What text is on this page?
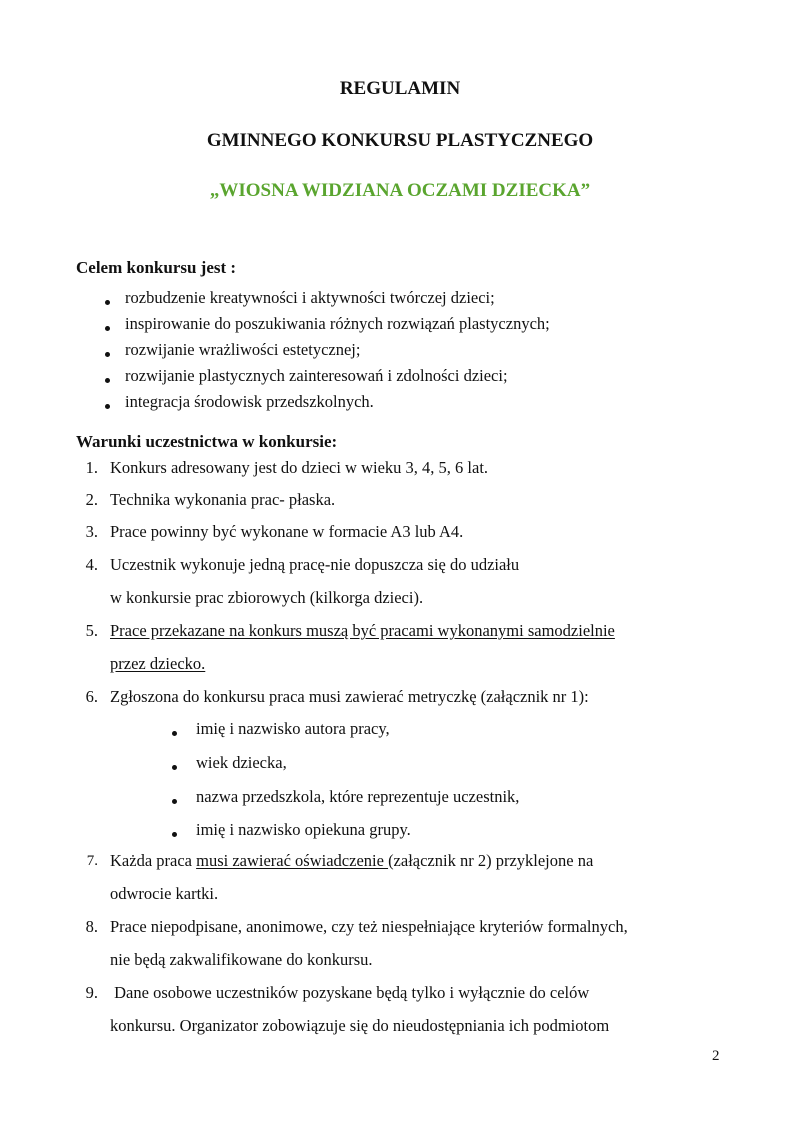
REGULAMIN
GMINNEGO KONKURSU PLASTYCZNEGO
„WIOSNA WIDZIANA OCZAMI DZIECKA”
Celem konkursu jest :
rozbudzenie kreatywności i aktywności twórczej dzieci;
inspirowanie do poszukiwania różnych rozwiązań plastycznych;
rozwijanie wrażliwości estetycznej;
rozwijanie plastycznych zainteresowań i zdolności dzieci;
integracja środowisk przedszkolnych.
Warunki uczestnictwa w konkursie:
1. Konkurs adresowany jest do dzieci w wieku 3, 4, 5, 6 lat.
2. Technika wykonania prac- płaska.
3. Prace powinny być wykonane w formacie A3 lub A4.
4. Uczestnik wykonuje jedną pracę-nie dopuszcza się do udziału
w konkursie prac zbiorowych (kilkorga dzieci).
5. Prace przekazane na konkurs muszą być pracami wykonanymi samodzielnie
przez dziecko.
6. Zgłoszona do konkursu praca musi zawierać metryczkę (załącznik nr 1):
imię i nazwisko autora pracy,
wiek dziecka,
nazwa przedszkola, które reprezentuje uczestnik,
imię i nazwisko opiekuna grupy.
7. Każda praca musi zawierać oświadczenie (załącznik nr 2) przyklejone na
odwrocie kartki.
8. Prace niepodpisane, anonimowe, czy też niespełniające kryteriów formalnych,
nie będą zakwalifikowane do konkursu.
9. Dane osobowe uczestników pozyskane będą tylko i wyłącznie do celów
konkursu. Organizator zobowiązuje się do nieudostępniania ich podmiotom
2
